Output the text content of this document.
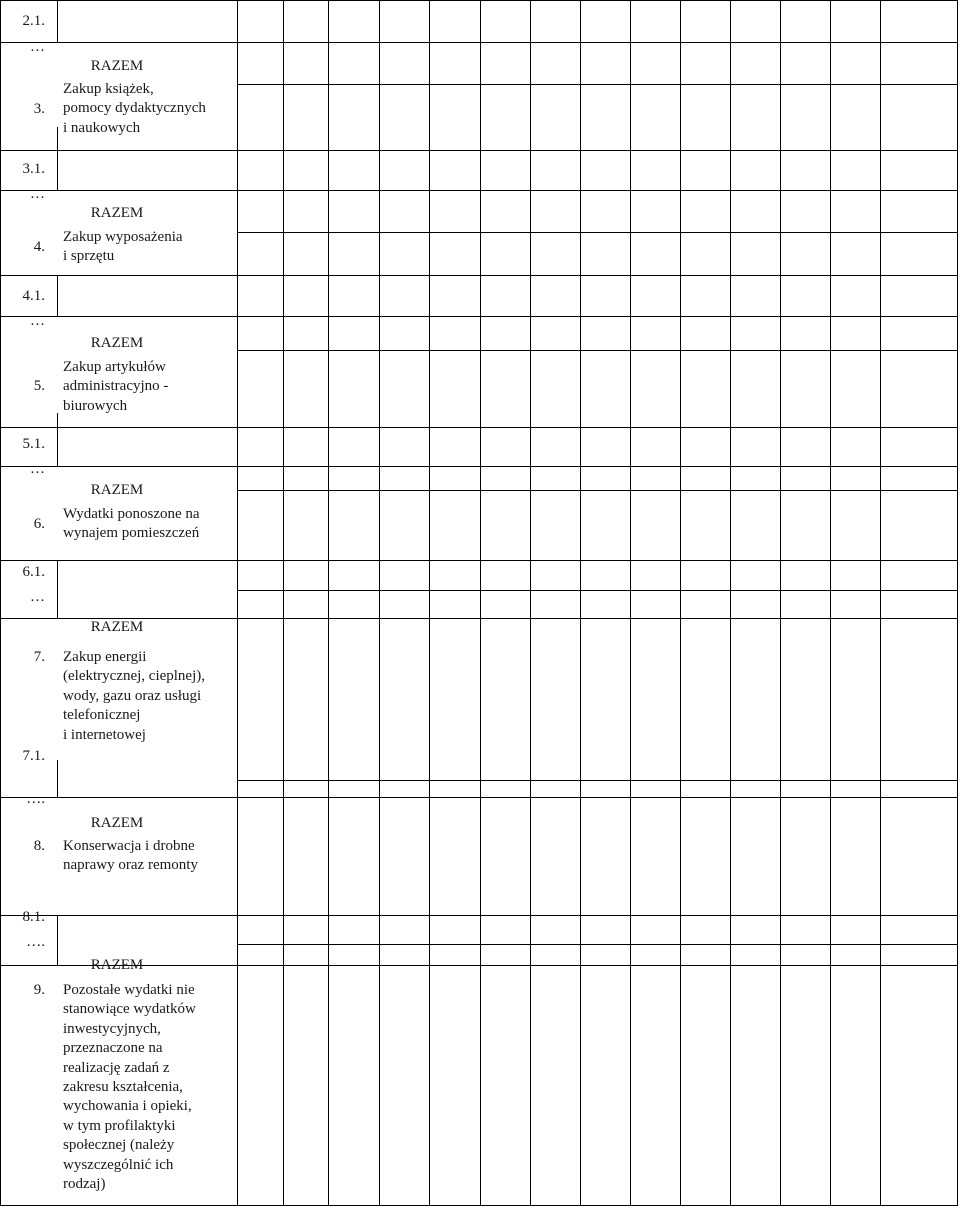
2.1.
…
RAZEM
3.
Zakup książek,
pomocy dydaktycznych
i naukowych
3.1.
…
RAZEM
4.
Zakup wyposażenia
i sprzętu
4.1.
…
RAZEM
5.
Zakup artykułów
administracyjno -
biurowych
5.1.
…
RAZEM
6.
Wydatki ponoszone na
wynajem pomieszczeń
6.1.
…
RAZEM
7. Zakup energii
(elektrycznej, cieplnej),
wody, gazu oraz usługi
telefonicznej
i internetowej
7.1.
….
RAZEM
8. Konserwacja i drobne
naprawy oraz remonty
8.1.
….
RAZEM
9. Pozostałe wydatki nie
stanowiące wydatków
inwestycyjnych,
przeznaczone na
realizację zadań z
zakresu kształcenia,
wychowania i opieki,
w tym profilaktyki
społecznej (należy
wyszczególnić ich
rodzaj)
